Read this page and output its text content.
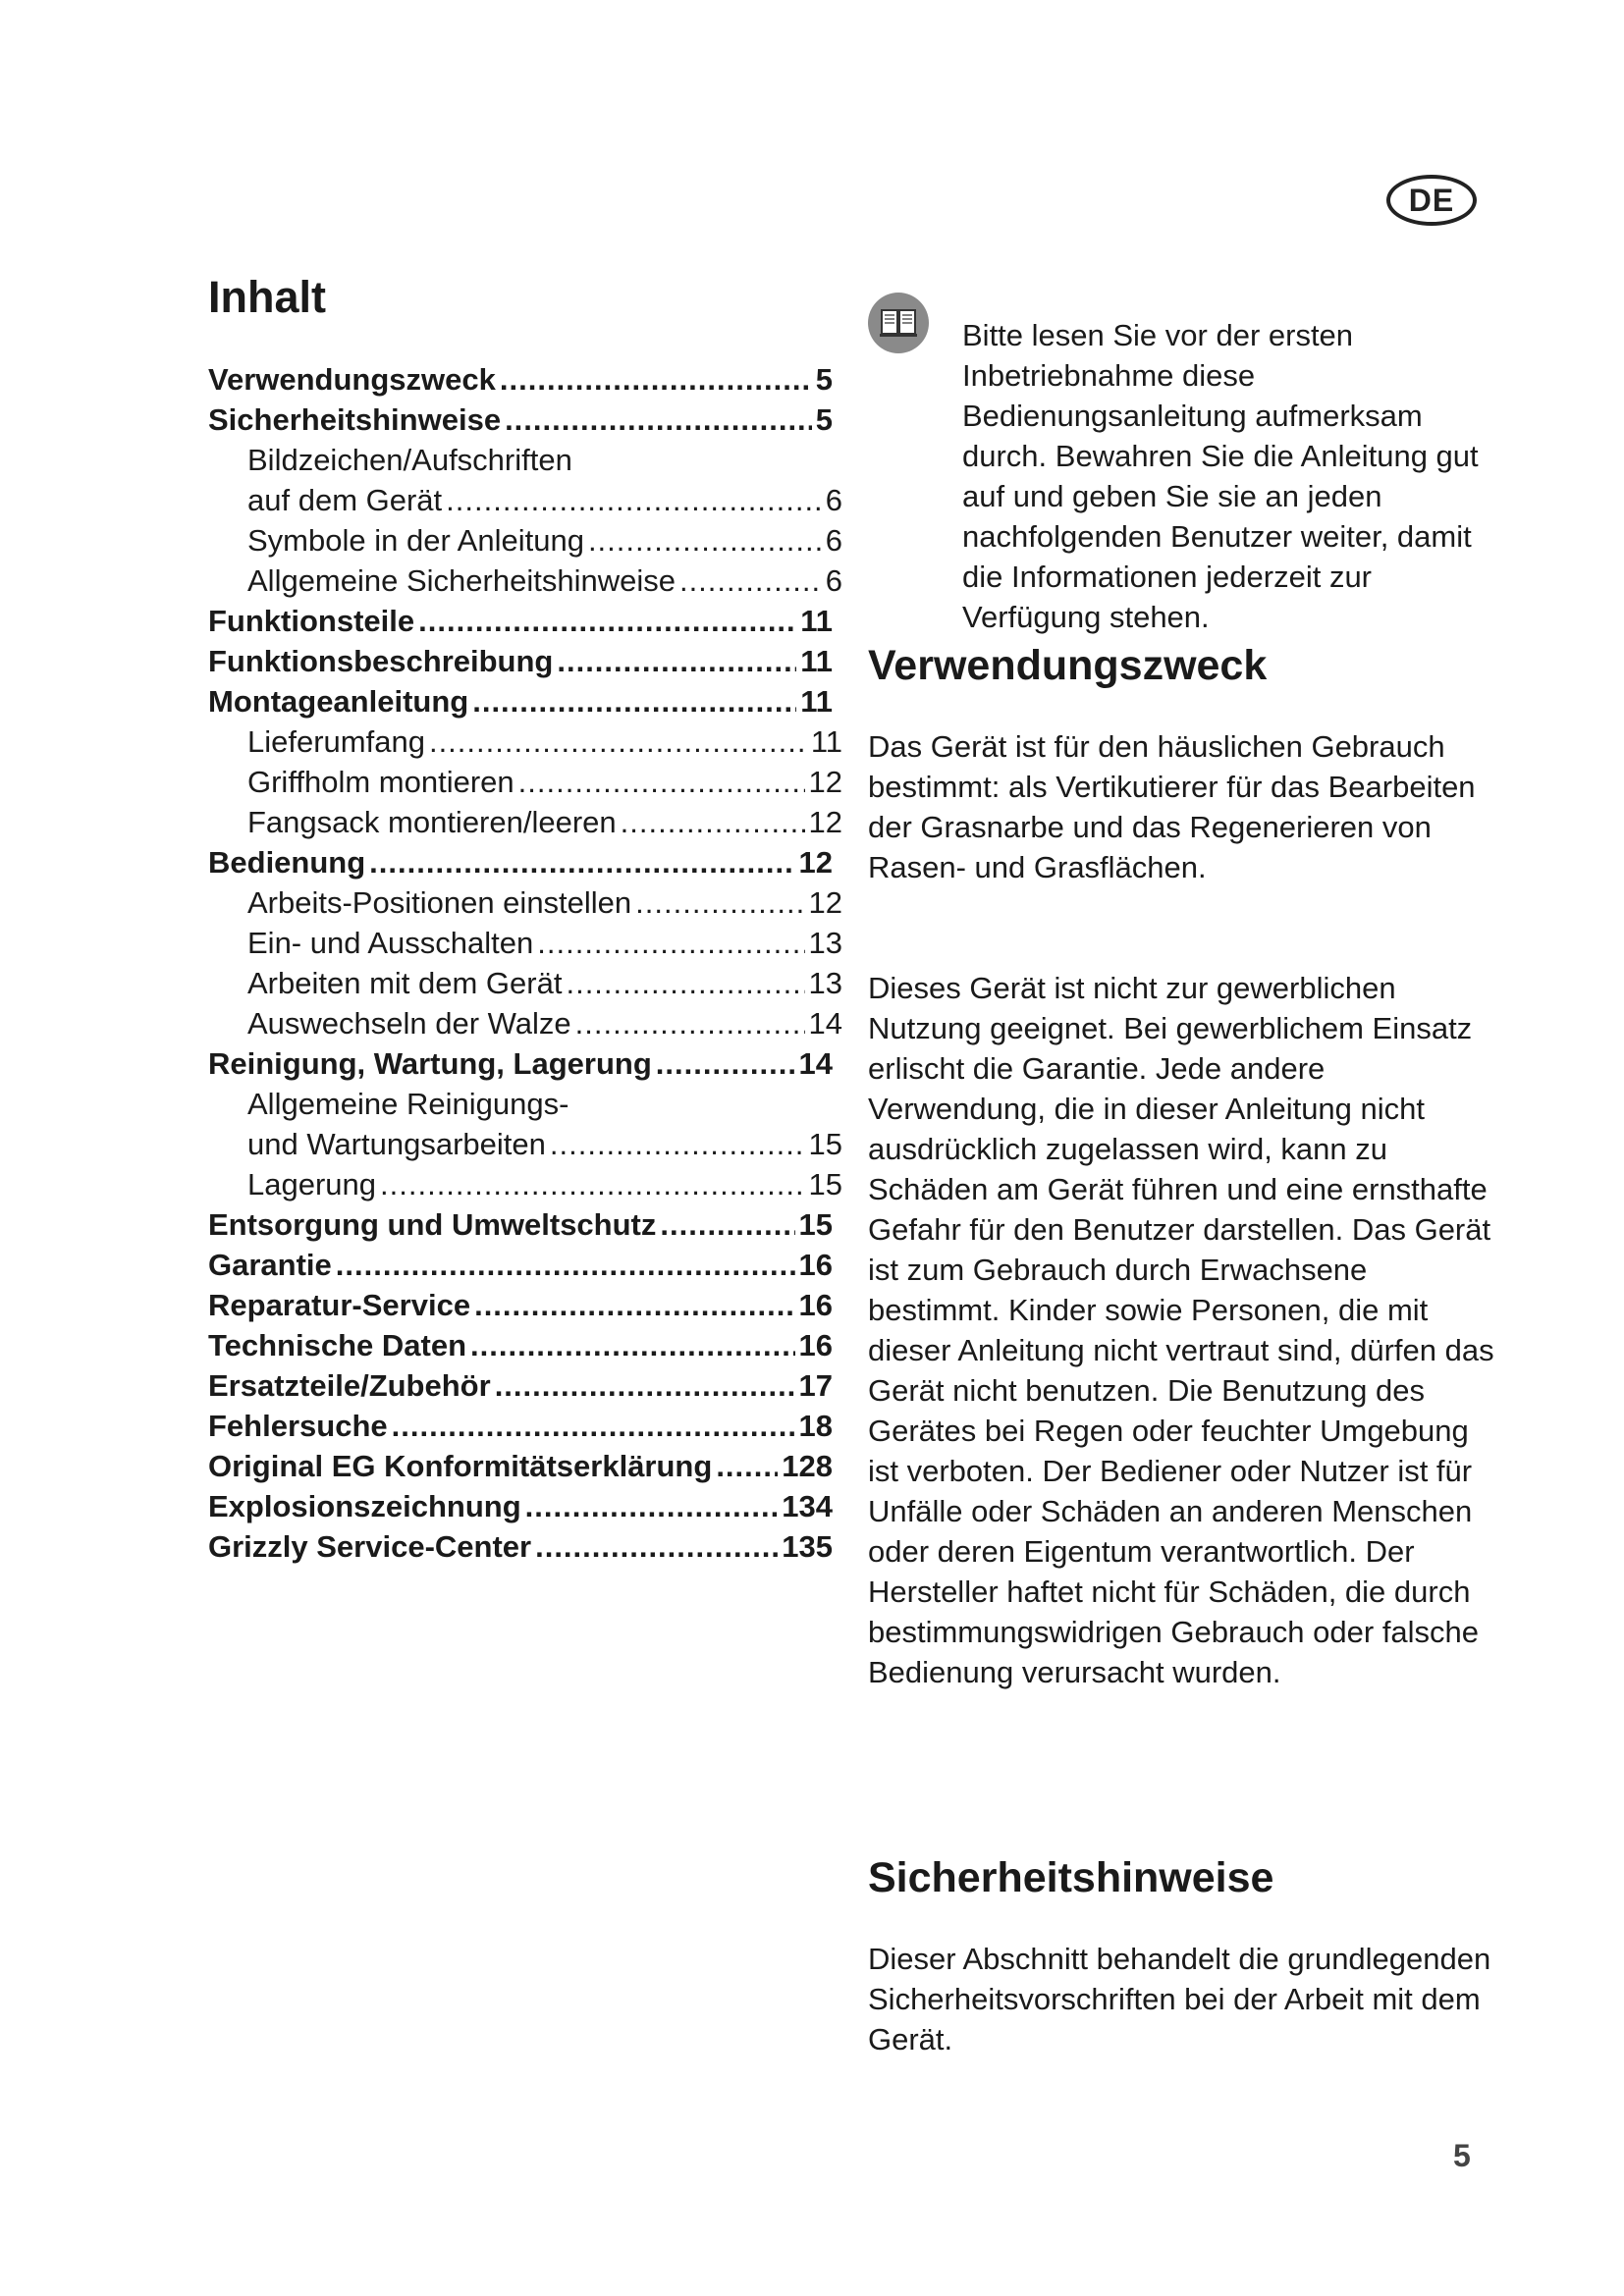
DE
Inhalt
Verwendungszweck .....	5
Sicherheitshinweise .....	5
Bildzeichen/Aufschriften
auf dem Gerät .....	6
Symbole in der Anleitung .....	6
Allgemeine Sicherheitshinweise .....	6
Funktionsteile .....	11
Funktionsbeschreibung .....	11
Montageanleitung .....	11
Lieferumfang .....	11
Griffholm montieren .....	12
Fangsack montieren/leeren .....	12
Bedienung .....	12
Arbeits-Positionen einstellen .....	12
Ein- und Ausschalten .....	13
Arbeiten mit dem Gerät .....	13
Auswechseln der Walze .....	14
Reinigung, Wartung, Lagerung .....	14
Allgemeine Reinigungs-
und Wartungsarbeiten .....	15
Lagerung .....	15
Entsorgung und Umweltschutz .....	15
Garantie .....	16
Reparatur-Service .....	16
Technische Daten .....	16
Ersatzteile/Zubehör .....	17
Fehlersuche .....	18
Original EG Konformitätserklärung ..... 128
Explosionszeichnung .....	134
Grizzly Service-Center .....	135

Bitte lesen Sie vor der ersten Inbetriebnahme diese Bedienungsanleitung aufmerksam durch. Bewahren Sie die Anleitung gut auf und geben Sie sie an jeden nachfolgenden Benutzer weiter, damit die Informationen jederzeit zur Verfügung stehen.

Verwendungszweck

Das Gerät ist für den häuslichen Gebrauch bestimmt: als Vertikutierer für das Bearbeiten der Grasnarbe und das Regenerieren von Rasen- und Grasflächen.

Dieses Gerät ist nicht zur gewerblichen Nutzung geeignet. Bei gewerblichem Einsatz erlischt die Garantie. Jede andere Verwendung, die in dieser Anleitung nicht ausdrücklich zugelassen wird, kann zu Schäden am Gerät führen und eine ernsthafte Gefahr für den Benutzer darstellen. Das Gerät ist zum Gebrauch durch Erwachsene bestimmt. Kinder sowie Personen, die mit dieser Anleitung nicht vertraut sind, dürfen das Gerät nicht benutzen. Die Benutzung des Gerätes bei Regen oder feuchter Umgebung ist verboten. Der Bediener oder Nutzer ist für Unfälle oder Schäden an anderen Menschen oder deren Eigentum verantwortlich. Der Hersteller haftet nicht für Schäden, die durch bestimmungswidrigen Gebrauch oder falsche Bedienung verursacht wurden.

Sicherheitshinweise

Dieser Abschnitt behandelt die grundlegenden Sicherheitsvorschriften bei der Arbeit mit dem Gerät.

5
